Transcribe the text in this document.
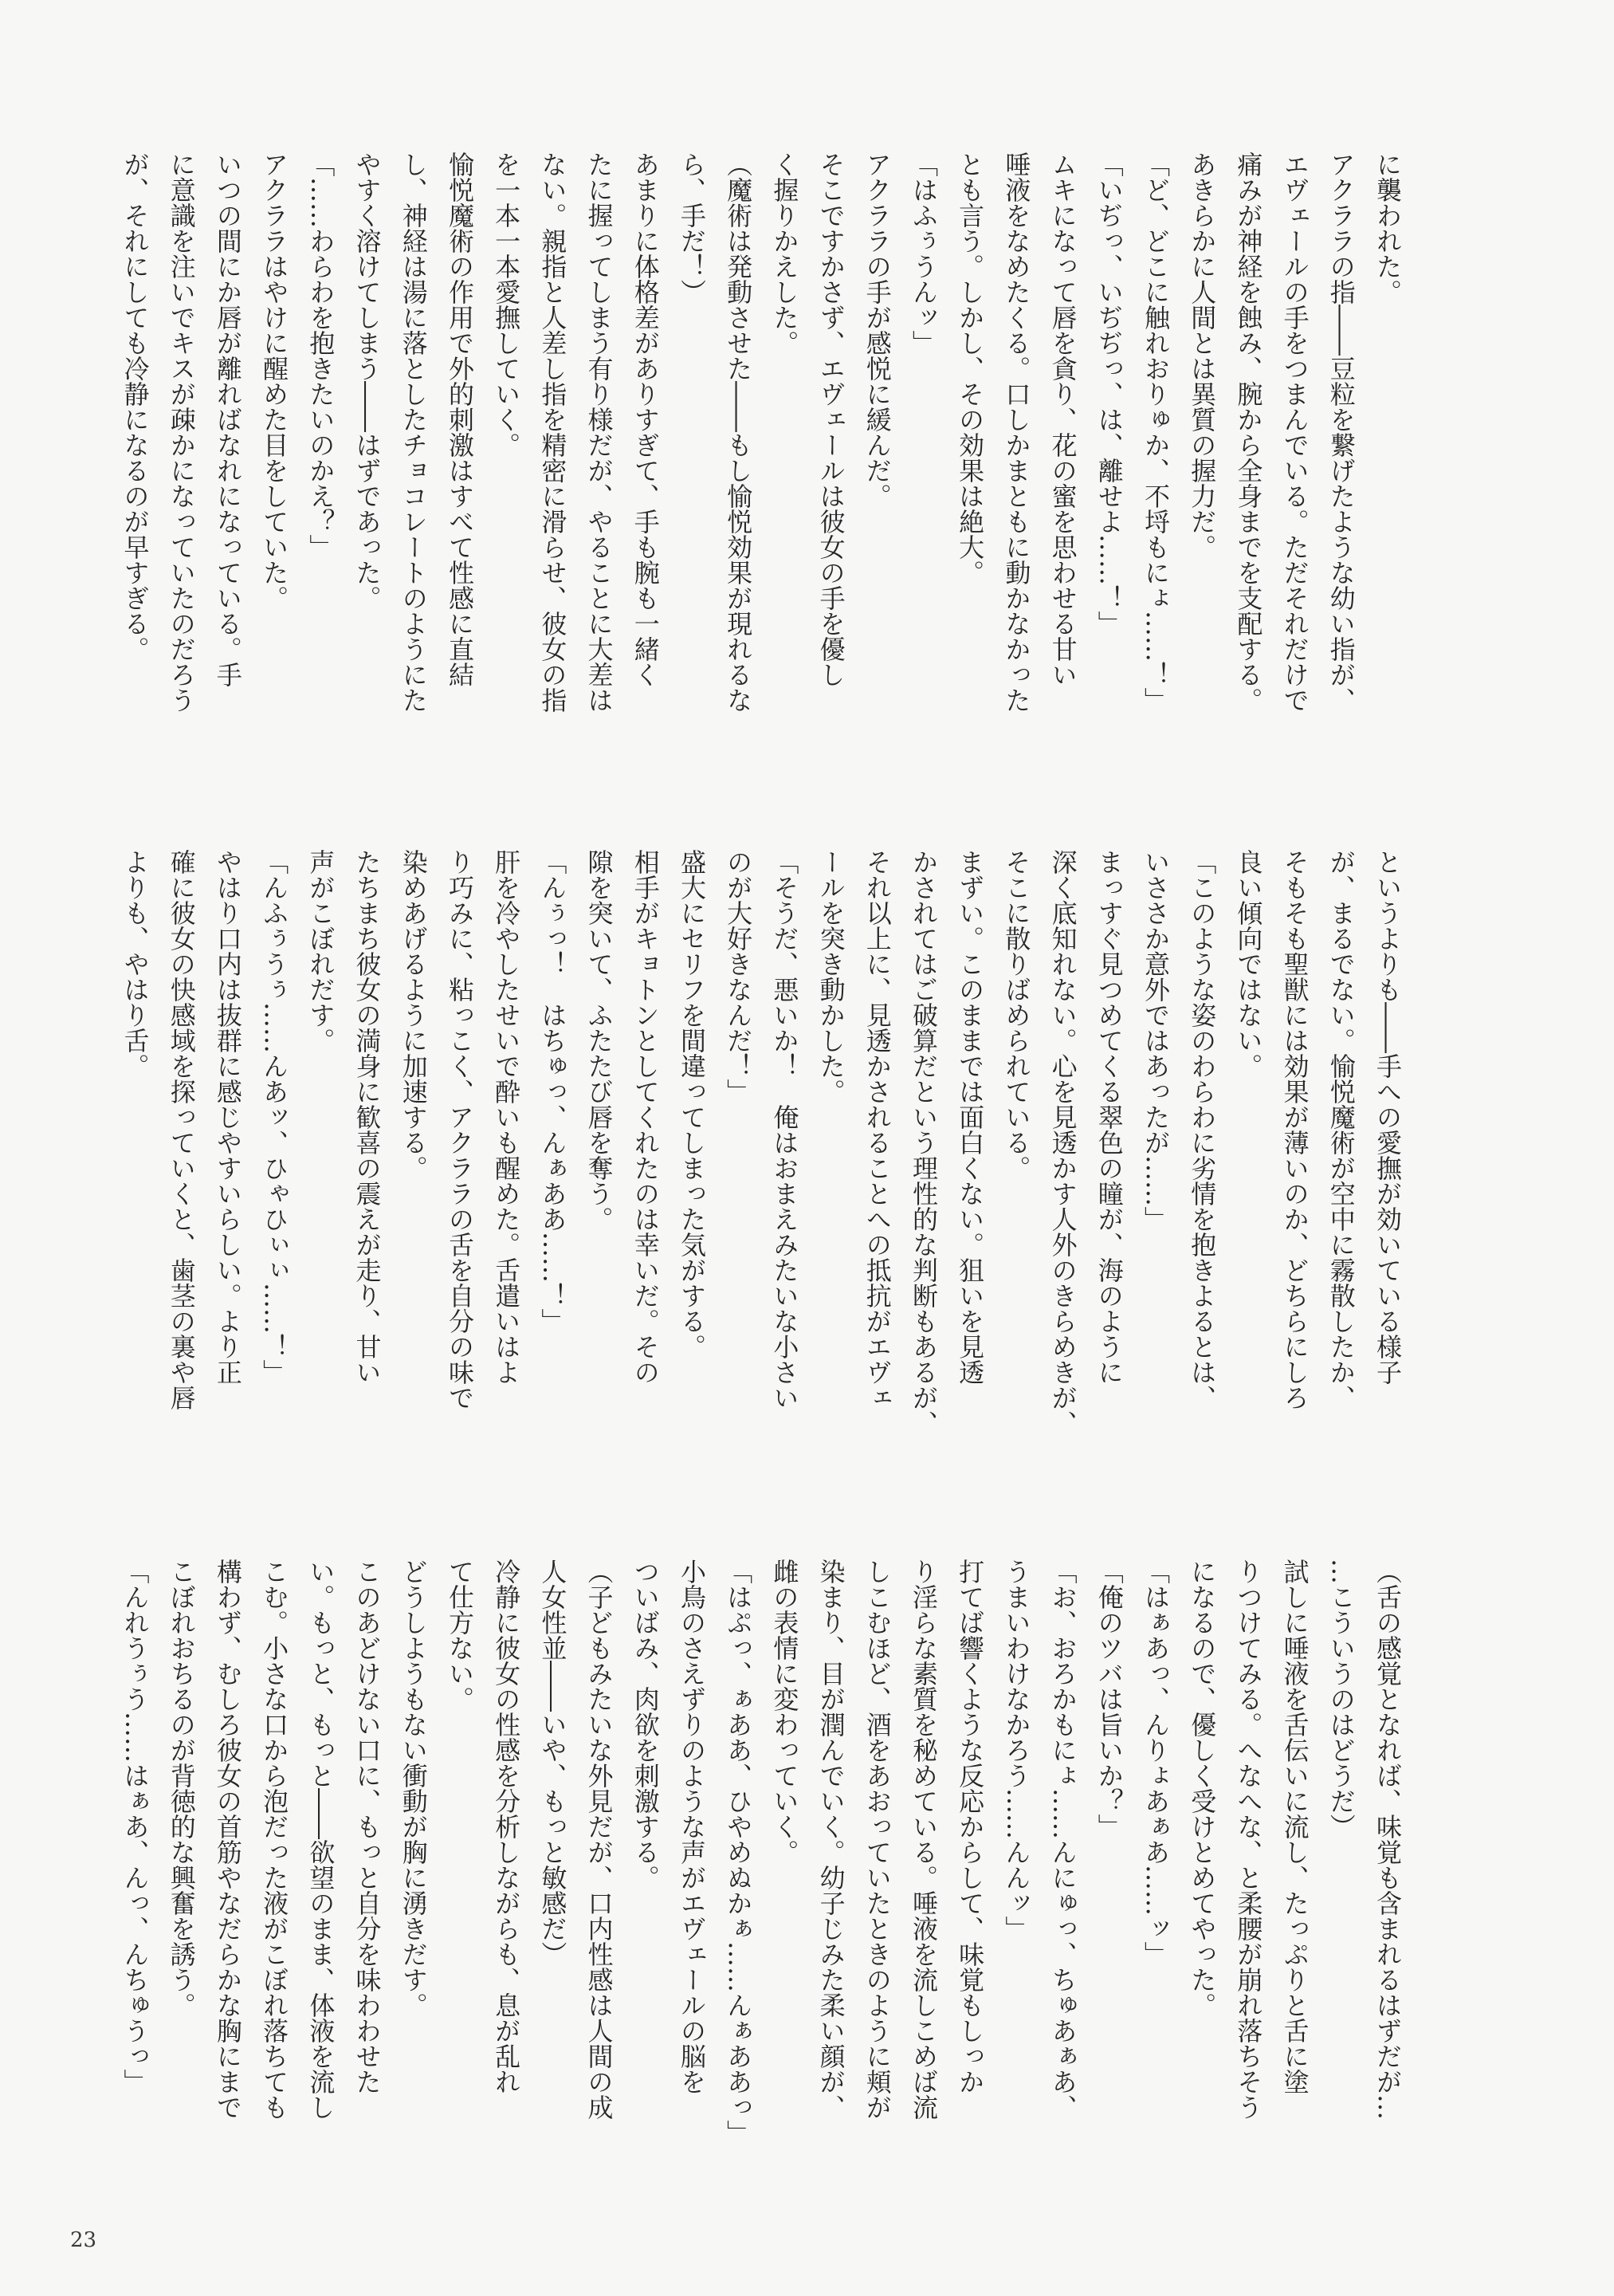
に襲われた。

アクララの指――豆粒を繋げたような幼い指が、

エヴェールの手をつまんでいる。ただそれだけで

痛みが神経を蝕み、腕から全身までを支配する。

あきらかに人間とは異質の握力だ。

「ど、どこに触れおりゅか、不埒もにょ……！」

「いぢっ、いぢぢっ、は、離せよ……！」

ムキになって唇を貪り、花の蜜を思わせる甘い

唾液をなめたくる。口しかまともに動かなかった

とも言う。しかし、その効果は絶大。

「はふぅうんッ」

アクララの手が感悦に緩んだ。

そこですかさず、エヴェールは彼女の手を優し

く握りかえした。

（魔術は発動させた――もし愉悦効果が現れるな

ら、手だ！）

あまりに体格差がありすぎて、手も腕も一緒く

たに握ってしまう有り様だが、やることに大差は

ない。親指と人差し指を精密に滑らせ、彼女の指

を一本一本愛撫していく。

愉悦魔術の作用で外的刺激はすべて性感に直結

し、神経は湯に落としたチョコレートのようにた

やすく溶けてしまう――はずであった。

「……わらわを抱きたいのかえ？」

アクララはやけに醒めた目をしていた。

いつの間にか唇が離ればなれになっている。手

に意識を注いでキスが疎かになっていたのだろう

が、それにしても冷静になるのが早すぎる。

というよりも――手への愛撫が効いている様子

が、まるでない。愉悦魔術が空中に霧散したか、

そもそも聖獣には効果が薄いのか、どちらにしろ

良い傾向ではない。

「このような姿のわらわに劣情を抱きよるとは、

いささか意外ではあったが……」

まっすぐ見つめてくる翠色の瞳が、海のように

深く底知れない。心を見透かす人外のきらめきが、

そこに散りばめられている。

まずい。このままでは面白くない。狙いを見透

かされてはご破算だという理性的な判断もあるが、

それ以上に、見透かされることへの抵抗がエヴェ

ールを突き動かした。

「そうだ、悪いか！　俺はおまえみたいな小さい

のが大好きなんだ！」

盛大にセリフを間違ってしまった気がする。

相手がキョトンとしてくれたのは幸いだ。その

隙を突いて、ふたたび唇を奪う。

「んぅっ！　はちゅっ、んぁああ……！」

肝を冷やしたせいで酔いも醒めた。舌遣いはよ

り巧みに、粘っこく、アクララの舌を自分の味で

染めあげるように加速する。

たちまち彼女の満身に歓喜の震えが走り、甘い

声がこぼれだす。

「んふぅうぅ……んあッ、ひゃひぃぃ……！」

やはり口内は抜群に感じやすいらしい。より正

確に彼女の快感域を探っていくと、歯茎の裏や唇

よりも、やはり舌。

（舌の感覚となれば、味覚も含まれるはずだが…

…こういうのはどうだ）

試しに唾液を舌伝いに流し、たっぷりと舌に塗

りつけてみる。へなへな、と柔腰が崩れ落ちそう

になるので、優しく受けとめてやった。

「はぁあっ、んりょあぁあ……ッ」

「俺のツバは旨いか？」

「お、おろかもにょ……んにゅっ、ちゅあぁあ、

うまいわけなかろう……んんッ」

打てば響くような反応からして、味覚もしっか

り淫らな素質を秘めている。唾液を流しこめば流

しこむほど、酒をあおっていたときのように頬が

染まり、目が潤んでいく。幼子じみた柔い顔が、

雌の表情に変わっていく。

「はぷっ、ぁああ、ひやめぬかぁ……んぁああっ」

小鳥のさえずりのような声がエヴェールの脳を

ついばみ、肉欲を刺激する。

（子どもみたいな外見だが、口内性感は人間の成

人女性並――いや、もっと敏感だ）

冷静に彼女の性感を分析しながらも、息が乱れ

て仕方ない。

どうしようもない衝動が胸に湧きだす。

このあどけない口に、もっと自分を味わわせた

い。もっと、もっと――欲望のまま、体液を流し

こむ。小さな口から泡だった液がこぼれ落ちても

構わず、むしろ彼女の首筋やなだらかな胸にまで

こぼれおちるのが背徳的な興奮を誘う。

「んれうぅう……はぁあ、んっ、んちゅうっ」

23
